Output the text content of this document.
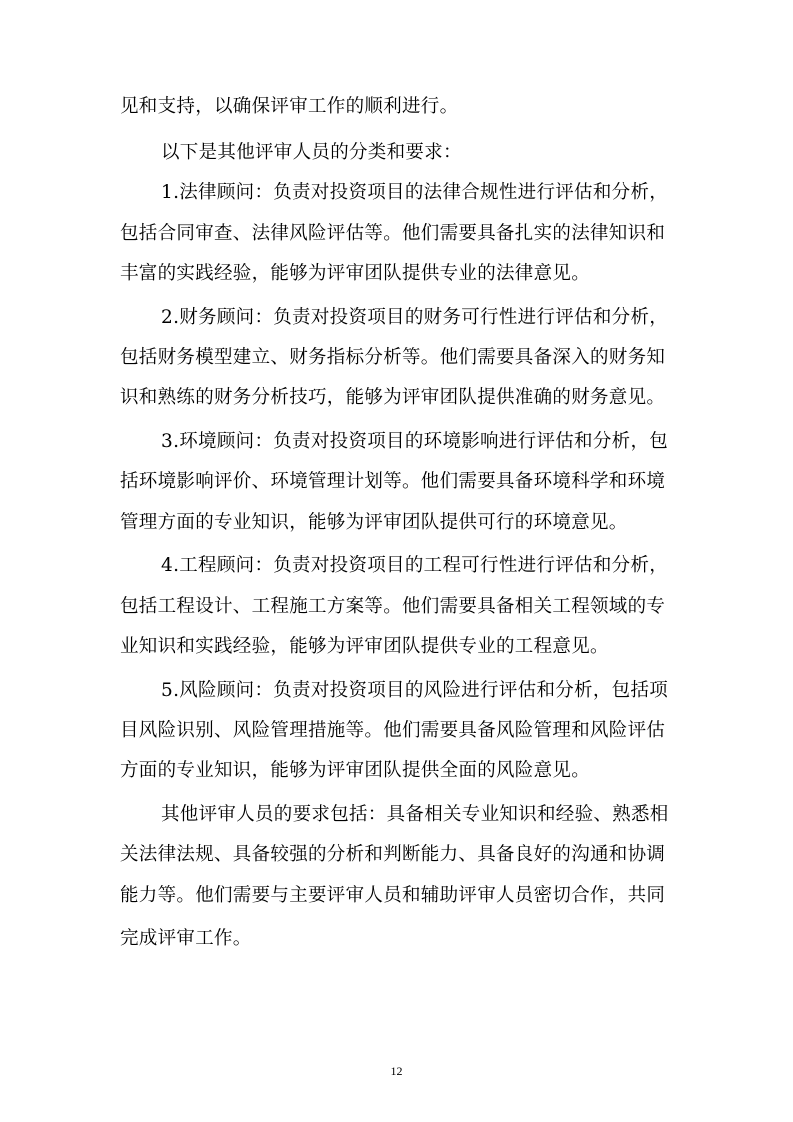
见和支持，以确保评审工作的顺利进行。
以下是其他评审人员的分类和要求：
1.法律顾问：负责对投资项目的法律合规性进行评估和分析，
包括合同审查、法律风险评估等。他们需要具备扎实的法律知识和
丰富的实践经验，能够为评审团队提供专业的法律意见。
2.财务顾问：负责对投资项目的财务可行性进行评估和分析，
包括财务模型建立、财务指标分析等。他们需要具备深入的财务知
识和熟练的财务分析技巧，能够为评审团队提供准确的财务意见。
3.环境顾问：负责对投资项目的环境影响进行评估和分析，包
括环境影响评价、环境管理计划等。他们需要具备环境科学和环境
管理方面的专业知识，能够为评审团队提供可行的环境意见。
4.工程顾问：负责对投资项目的工程可行性进行评估和分析，
包括工程设计、工程施工方案等。他们需要具备相关工程领域的专
业知识和实践经验，能够为评审团队提供专业的工程意见。
5.风险顾问：负责对投资项目的风险进行评估和分析，包括项
目风险识别、风险管理措施等。他们需要具备风险管理和风险评估
方面的专业知识，能够为评审团队提供全面的风险意见。
其他评审人员的要求包括：具备相关专业知识和经验、熟悉相
关法律法规、具备较强的分析和判断能力、具备良好的沟通和协调
能力等。他们需要与主要评审人员和辅助评审人员密切合作，共同
完成评审工作。
12
